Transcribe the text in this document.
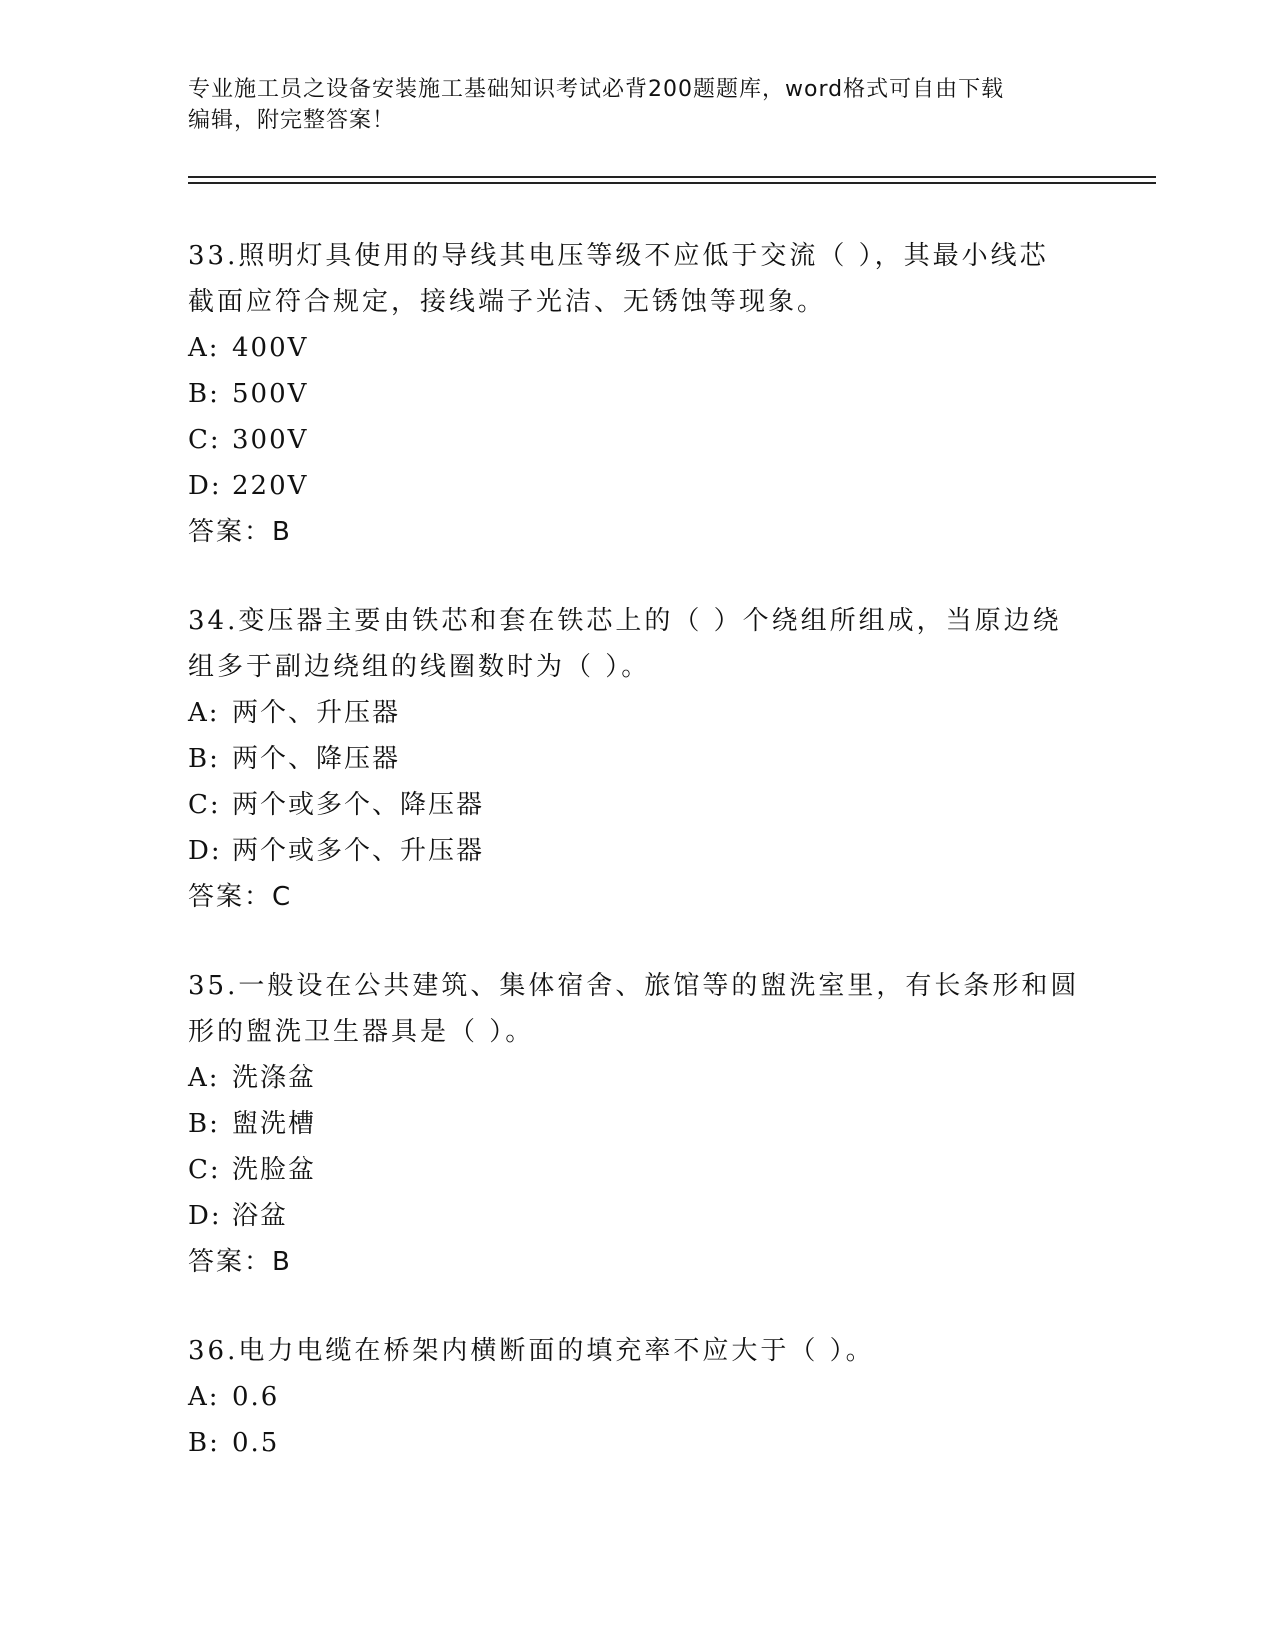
专业施工员之设备安装施工基础知识考试必背200题题库，word格式可自由下载
编辑，附完整答案！
33.照明灯具使用的导线其电压等级不应低于交流（ ），其最小线芯
截面应符合规定，接线端子光洁、无锈蚀等现象。
A: 400V
B: 500V
C: 300V
D: 220V
答案：B
34.变压器主要由铁芯和套在铁芯上的（ ）个绕组所组成，当原边绕
组多于副边绕组的线圈数时为（ ）。
A: 两个、升压器
B: 两个、降压器
C: 两个或多个、降压器
D: 两个或多个、升压器
答案：C
35.一般设在公共建筑、集体宿舍、旅馆等的盥洗室里，有长条形和圆
形的盥洗卫生器具是（ ）。
A: 洗涤盆
B: 盥洗槽
C: 洗脸盆
D: 浴盆
答案：B
36.电力电缆在桥架内横断面的填充率不应大于（ ）。
A: 0.6
B: 0.5
